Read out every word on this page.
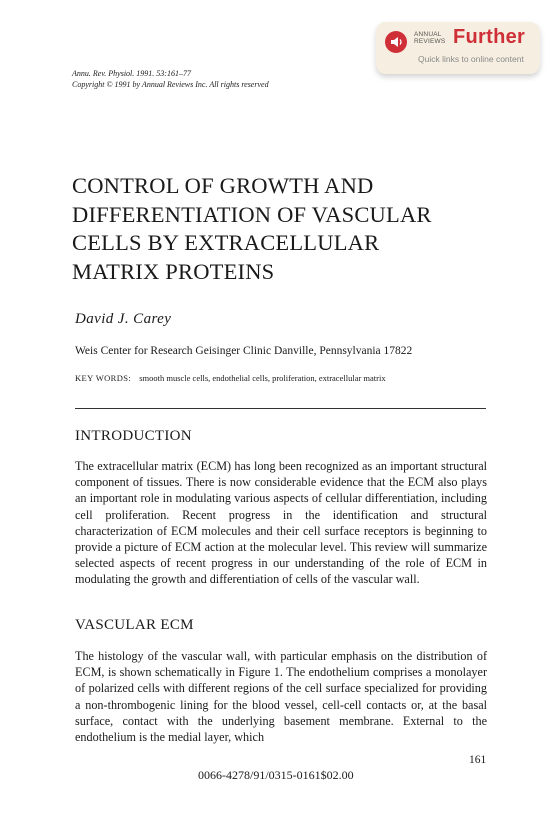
ANNUAL
REVIEWS Further
Quick links to online content
Annu. Rev. Physiol. 1991. 53:161–77
Copyright © 1991 by Annual Reviews Inc. All rights reserved
CONTROL OF GROWTH AND
DIFFERENTIATION OF VASCULAR
CELLS BY EXTRACELLULAR
MATRIX PROTEINS
David J. Carey
Weis Center for Research Geisinger Clinic Danville, Pennsylvania 17822
KEY WORDS: smooth muscle cells, endothelial cells, proliferation, extracellular matrix
INTRODUCTION
The extracellular matrix (ECM) has long been recognized as an important structural component of tissues. There is now considerable evidence that the ECM also plays an important role in modulating various aspects of cellular differentiation, including cell proliferation. Recent progress in the identification and structural characterization of ECM molecules and their cell surface receptors is beginning to provide a picture of ECM action at the molecular level. This review will summarize selected aspects of recent progress in our understanding of the role of ECM in modulating the growth and differentiation of cells of the vascular wall.
VASCULAR ECM
The histology of the vascular wall, with particular emphasis on the distribution of ECM, is shown schematically in Figure 1. The endothelium comprises a monolayer of polarized cells with different regions of the cell surface specialized for providing a non-thrombogenic lining for the blood vessel, cell-cell contacts or, at the basal surface, contact with the underlying basement membrane. External to the endothelium is the medial layer, which
161
0066-4278/91/0315-0161$02.00
